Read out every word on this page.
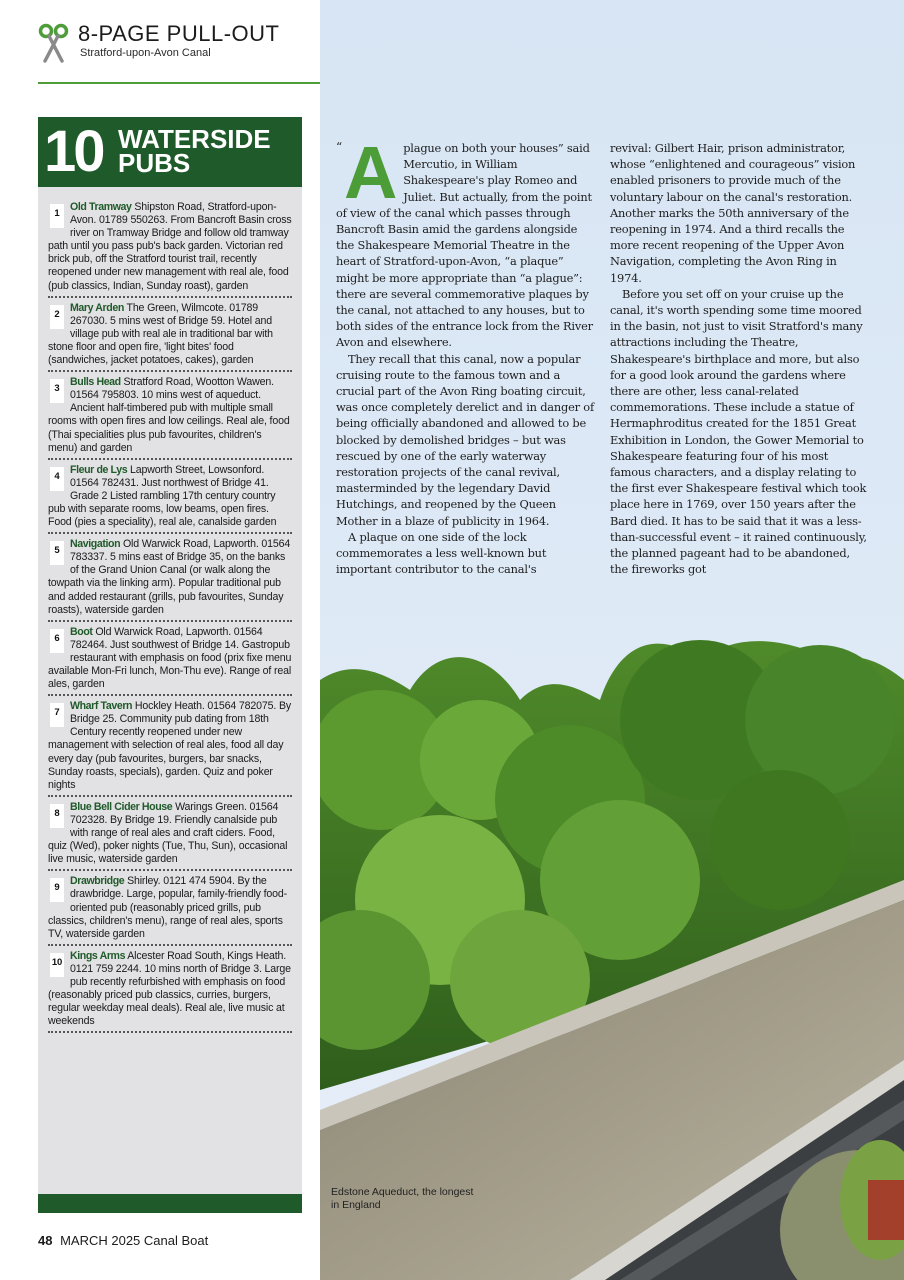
8-PAGE PULL-OUT
Stratford-upon-Avon Canal

“ A plague on both your houses” said Mercutio, in William Shakespeare's play Romeo and Juliet. But actually, from the point of view of the canal which passes through Bancroft Basin amid the gardens alongside the Shakespeare Memorial Theatre in the heart of Stratford-upon-Avon, “a plaque” might be more appropriate than “a plague”: there are several commemorative plaques by the canal, not attached to any houses, but to both sides of the entrance lock from the River Avon and elsewhere.

They recall that this canal, now a popular cruising route to the famous town and a crucial part of the Avon Ring boating circuit, was once completely derelict and in danger of being officially abandoned and allowed to be blocked by demolished bridges – but was rescued by one of the early waterway restoration projects of the canal revival, masterminded by the legendary David Hutchings, and reopened by the Queen Mother in a blaze of publicity in 1964.

A plaque on one side of the lock commemorates a less well-known but important contributor to the canal's

revival: Gilbert Hair, prison administrator, whose “enlightened and courageous” vision enabled prisoners to provide much of the voluntary labour on the canal's restoration. Another marks the 50th anniversary of the reopening in 1974. And a third recalls the more recent reopening of the Upper Avon Navigation, completing the Avon Ring in 1974.

Before you set off on your cruise up the canal, it's worth spending some time moored in the basin, not just to visit Stratford's many attractions including the Theatre, Shakespeare's birthplace and more, but also for a good look around the gardens where there are other, less canal-related commemorations. These include a statue of Hermaphroditus created for the 1851 Great Exhibition in London, the Gower Memorial to Shakespeare featuring four of his most famous characters, and a display relating to the first ever Shakespeare festival which took place here in 1769, over 150 years after the Bard died. It has to be said that it was a less-than-successful event – it rained continuously, the planned pageant had to be abandoned, the fireworks got

Edstone Aqueduct, the longest in England
10 WATERSIDE
PUBS
1
Old Tramway Shipston Road, Stratford-upon-Avon. 01789 550263. From Bancroft Basin cross river on Tramway Bridge and follow old tramway path until you pass pub's back garden. Victorian red brick pub, off the Stratford tourist trail, recently reopened under new management with real ale, food (pub classics, Indian, Sunday roast), garden
2
Mary Arden The Green, Wilmcote. 01789 267030. 5 mins west of Bridge 59. Hotel and village pub with real ale in traditional bar with stone floor and open fire, 'light bites' food (sandwiches, jacket potatoes, cakes), garden
3
Bulls Head Stratford Road, Wootton Wawen. 01564 795803. 10 mins west of aqueduct. Ancient half-timbered pub with multiple small rooms with open fires and low ceilings. Real ale, food (Thai specialities plus pub favourites, children's menu) and garden
4
Fleur de Lys Lapworth Street, Lowsonford. 01564 782431. Just northwest of Bridge 41. Grade 2 Listed rambling 17th century country pub with separate rooms, low beams, open fires. Food (pies a speciality), real ale, canalside garden
5
Navigation Old Warwick Road, Lapworth. 01564 783337. 5 mins east of Bridge 35, on the banks of the Grand Union Canal (or walk along the towpath via the linking arm). Popular traditional pub and added restaurant (grills, pub favourites, Sunday roasts), waterside garden
6
Boot Old Warwick Road, Lapworth. 01564 782464. Just southwest of Bridge 14. Gastropub restaurant with emphasis on food (prix fixe menu available Mon-Fri lunch, Mon-Thu eve). Range of real ales, garden
7
Wharf Tavern Hockley Heath. 01564 782075. By Bridge 25. Community pub dating from 18th Century recently reopened under new management with selection of real ales, food all day every day (pub favourites, burgers, bar snacks, Sunday roasts, specials), garden. Quiz and poker nights
8
Blue Bell Cider House Warings Green. 01564 702328. By Bridge 19. Friendly canalside pub with range of real ales and craft ciders. Food, quiz (Wed), poker nights (Tue, Thu, Sun), occasional live music, waterside garden
9
Drawbridge Shirley. 0121 474 5904. By the drawbridge. Large, popular, family-friendly food-oriented pub (reasonably priced grills, pub classics, children's menu), range of real ales, sports TV, waterside garden
10
Kings Arms Alcester Road South, Kings Heath. 0121 759 2244. 10 mins north of Bridge 3. Large pub recently refurbished with emphasis on food (reasonably priced pub classics, curries, burgers, regular weekday meal deals). Real ale, live music at weekends
48 MARCH 2025 Canal Boat
